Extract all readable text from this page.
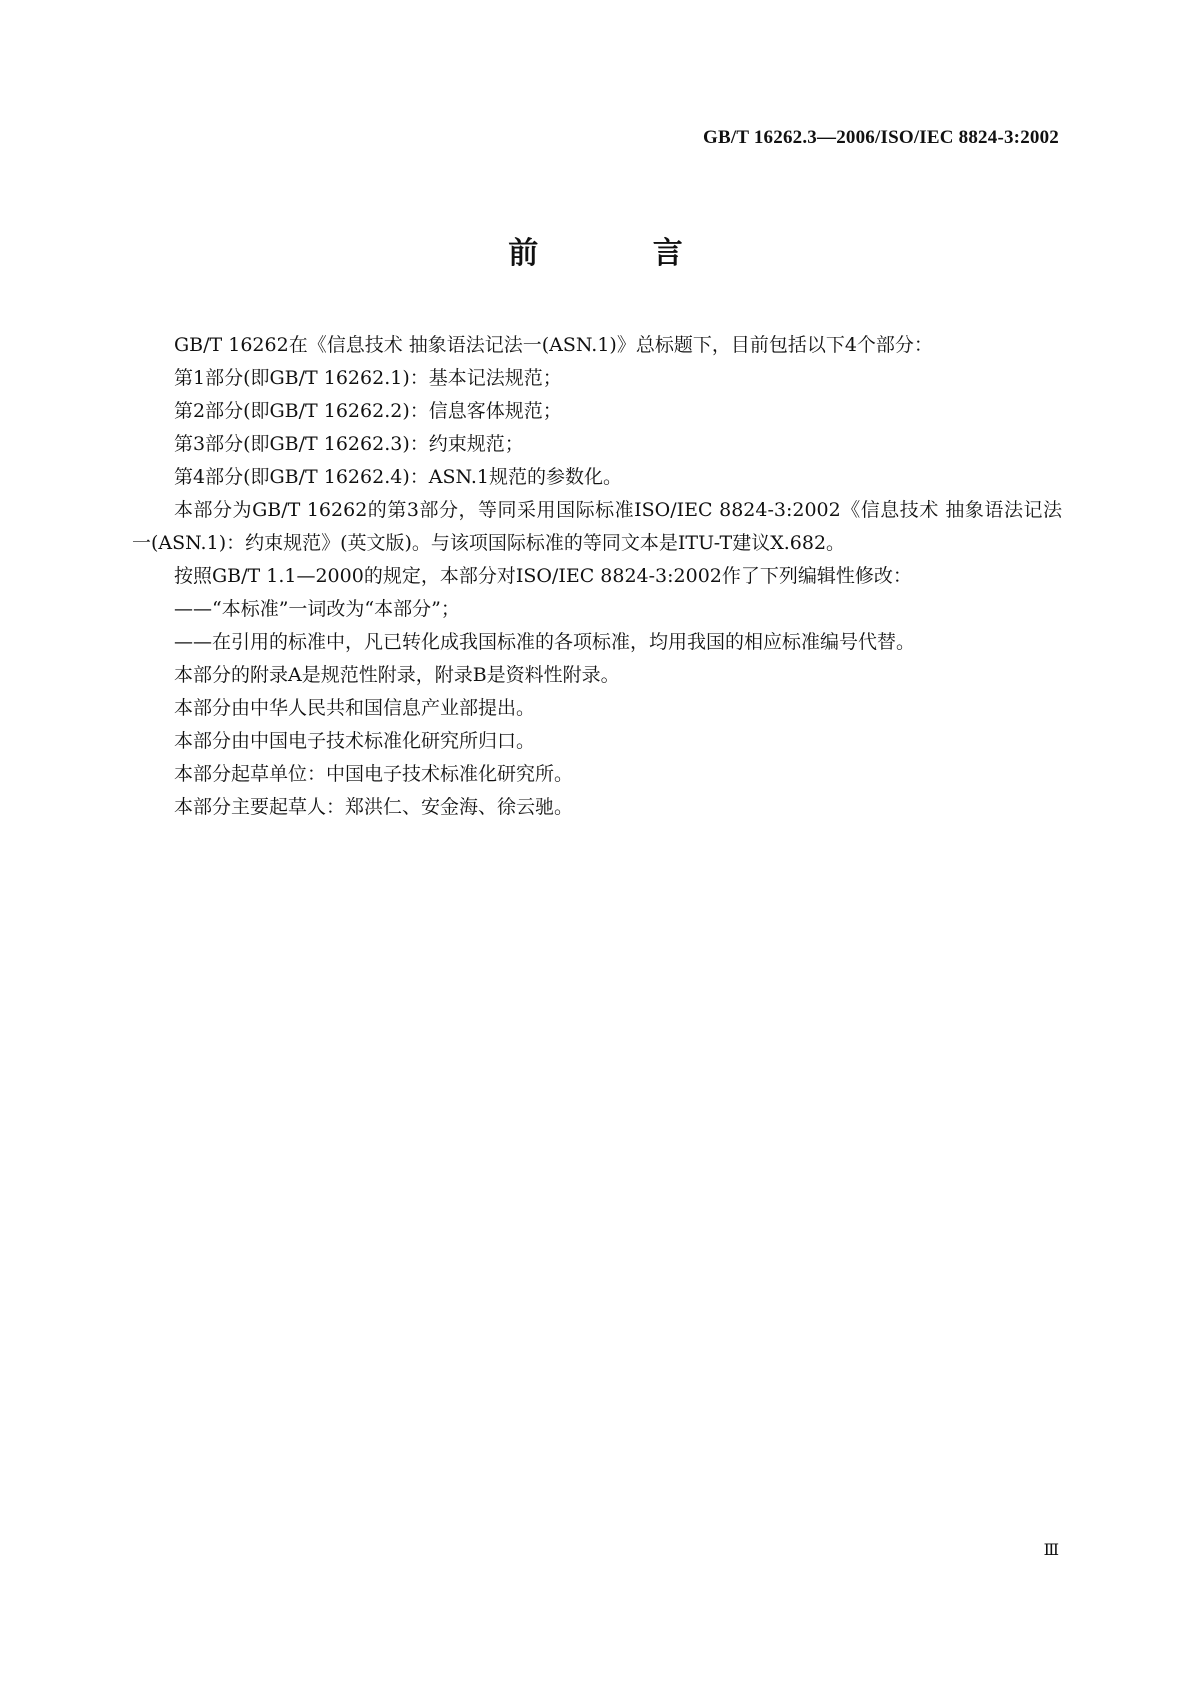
GB/T 16262.3—2006/ISO/IEC 8824-3:2002
前 言

GB/T 16262在《信息技术 抽象语法记法一(ASN.1)》总标题下，目前包括以下4个部分：

第1部分(即GB/T 16262.1)：基本记法规范；

第2部分(即GB/T 16262.2)：信息客体规范；

第3部分(即GB/T 16262.3)：约束规范；

第4部分(即GB/T 16262.4)：ASN.1规范的参数化。

本部分为GB/T 16262的第3部分，等同采用国际标准ISO/IEC 8824-3:2002《信息技术 抽象语法记法一(ASN.1)：约束规范》(英文版)。与该项国际标准的等同文本是ITU-T建议X.682。

按照GB/T 1.1—2000的规定，本部分对ISO/IEC 8824-3:2002作了下列编辑性修改：

——“本标准”一词改为“本部分”；

——在引用的标准中，凡已转化成我国标准的各项标准，均用我国的相应标准编号代替。

本部分的附录A是规范性附录，附录B是资料性附录。

本部分由中华人民共和国信息产业部提出。

本部分由中国电子技术标准化研究所归口。

本部分起草单位：中国电子技术标准化研究所。

本部分主要起草人：郑洪仁、安金海、徐云驰。

Ⅲ
